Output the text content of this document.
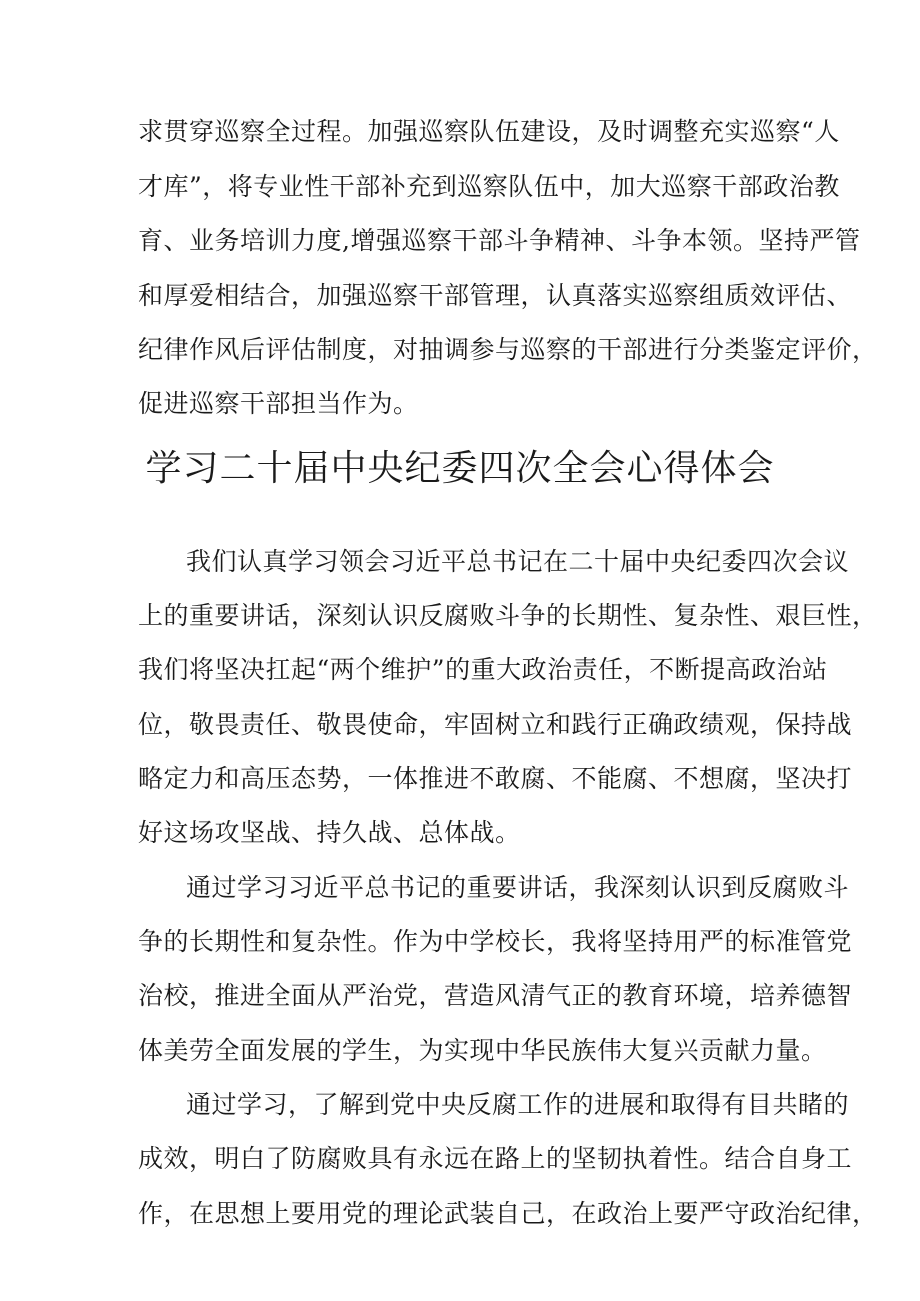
求贯穿巡察全过程。加强巡察队伍建设，及时调整充实巡察“人
才库”，将专业性干部补充到巡察队伍中，加大巡察干部政治教
育、业务培训力度,增强巡察干部斗争精神、斗争本领。坚持严管
和厚爱相结合，加强巡察干部管理，认真落实巡察组质效评估、
纪律作风后评估制度，对抽调参与巡察的干部进行分类鉴定评价，
促进巡察干部担当作为。
学习二十届中央纪委四次全会心得体会
我们认真学习领会习近平总书记在二十届中央纪委四次会议
上的重要讲话，深刻认识反腐败斗争的长期性、复杂性、艰巨性，
我们将坚决扛起“两个维护”的重大政治责任，不断提高政治站
位，敬畏责任、敬畏使命，牢固树立和践行正确政绩观，保持战
略定力和高压态势，一体推进不敢腐、不能腐、不想腐，坚决打
好这场攻坚战、持久战、总体战。
通过学习习近平总书记的重要讲话，我深刻认识到反腐败斗
争的长期性和复杂性。作为中学校长，我将坚持用严的标准管党
治校，推进全面从严治党，营造风清气正的教育环境，培养德智
体美劳全面发展的学生，为实现中华民族伟大复兴贡献力量。
通过学习，了解到党中央反腐工作的进展和取得有目共睹的
成效，明白了防腐败具有永远在路上的坚韧执着性。结合自身工
作，在思想上要用党的理论武装自己，在政治上要严守政治纪律，
